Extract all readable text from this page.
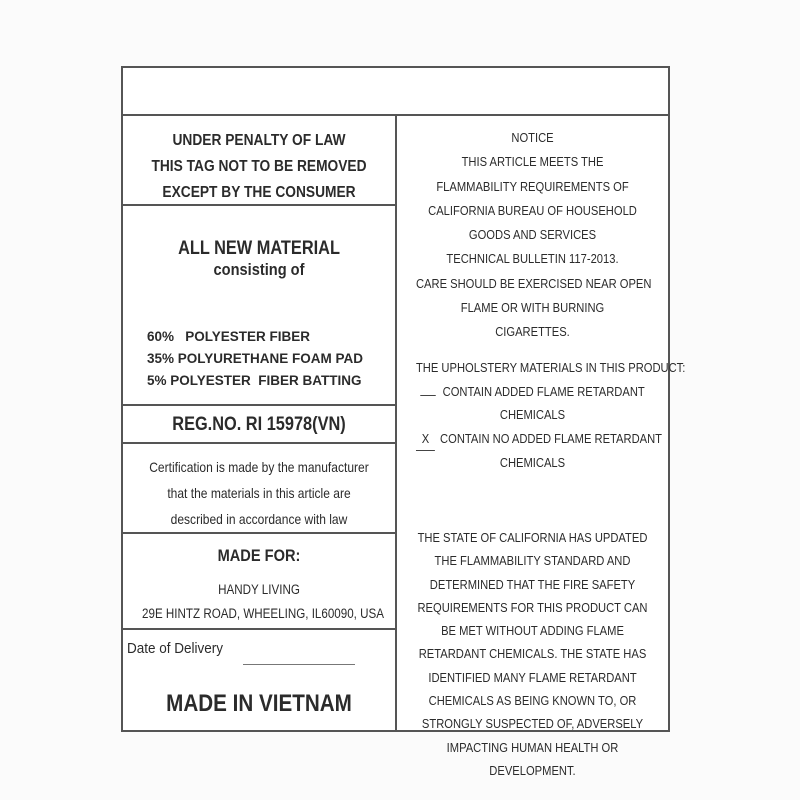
UNDER PENALTY OF LAW
THIS TAG NOT TO BE REMOVED
EXCEPT BY THE CONSUMER
ALL NEW MATERIAL
consisting of
60%   POLYESTER FIBER
35% POLYURETHANE FOAM PAD
5% POLYESTER  FIBER BATTING
REG.NO. RI 15978(VN)
Certification is made by the manufacturer
that the materials in this article are
described in accordance with law
MADE FOR:
HANDY LIVING
29E HINTZ ROAD, WHEELING, IL60090, USA
Date of Delivery
MADE IN VIETNAM
NOTICE
THIS ARTICLE MEETS THE
FLAMMABILITY REQUIREMENTS OF
CALIFORNIA BUREAU OF HOUSEHOLD
GOODS AND SERVICES
TECHNICAL BULLETIN 117-2013.
CARE SHOULD BE EXERCISED NEAR OPEN
FLAME OR WITH BURNING
CIGARETTES.
THE UPHOLSTERY MATERIALS IN THIS PRODUCT:
CONTAIN ADDED FLAME RETARDANT
CHEMICALS
X CONTAIN NO ADDED FLAME RETARDANT
CHEMICALS
THE STATE OF CALIFORNIA HAS UPDATED
THE FLAMMABILITY STANDARD AND
DETERMINED THAT THE FIRE SAFETY
REQUIREMENTS FOR THIS PRODUCT CAN
BE MET WITHOUT ADDING FLAME
RETARDANT CHEMICALS. THE STATE HAS
IDENTIFIED MANY FLAME RETARDANT
CHEMICALS AS BEING KNOWN TO, OR
STRONGLY SUSPECTED OF, ADVERSELY
IMPACTING HUMAN HEALTH OR
DEVELOPMENT.
